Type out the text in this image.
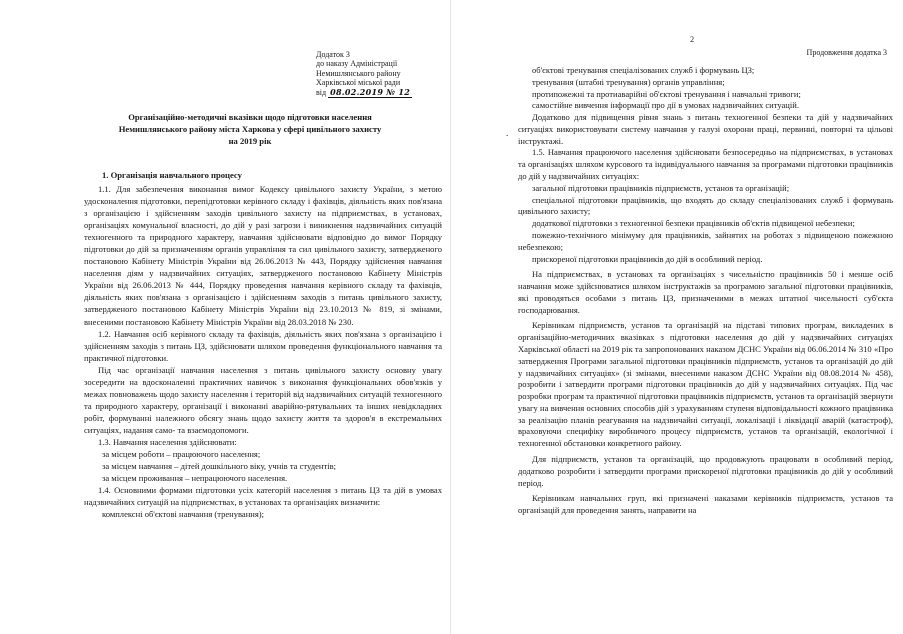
Додаток 3
до наказу Адміністрації
Немишлянського району
Харківської міської ради
від 08.02.2019 № 12
Організаційно-методичні вказівки щодо підготовки населення
Немишлянського району міста Харкова у сфері цивільного захисту
на 2019 рік
1. Організація навчального процесу

1.1. Для забезпечення виконання вимог Кодексу цивільного захисту України, з метою удосконалення підготовки, перепідготовки керівного складу і фахівців, діяльність яких пов'язана з організацією і здійсненням заходів цивільного захисту на підприємствах, в установах, організаціях комунальної власності, до дій у разі загрози і виникнення надзвичайних ситуацій техногенного та природного характеру, навчання здійснювати відповідно до вимог Порядку підготовки до дій за призначенням органів управління та сил цивільного захисту, затвердженого постановою Кабінету Міністрів України від 26.06.2013 № 443, Порядку здійснення навчання населення діям у надзвичайних ситуаціях, затвердженого постановою Кабінету Міністрів України від 26.06.2013 № 444, Порядку проведення навчання керівного складу та фахівців, діяльність яких пов'язана з організацією і здійсненням заходів з питань цивільного захисту, затвердженого постановою Кабінету Міністрів України від 23.10.2013 № 819, зі змінами, внесеними постановою Кабінету Міністрів України від 28.03.2018 № 230.

1.2. Навчання осіб керівного складу та фахівців, діяльність яких пов'язана з організацією і здійсненням заходів з питань ЦЗ, здійснювати шляхом проведення функціонального навчання та практичної підготовки.

Під час організації навчання населення з питань цивільного захисту основну увагу зосередити на вдосконаленні практичних навичок з виконання функціональних обов'язків у межах повноважень щодо захисту населення і територій від надзвичайних ситуацій техногенного та природного характеру, організації і виконанні аварійно-рятувальних та інших невідкладних робіт, формуванні належного обсягу знань щодо захисту життя та здоров'я в екстремальних ситуаціях, надання само- та взаємодопомоги.

1.3. Навчання населення здійснювати:

за місцем роботи – працюючого населення;

за місцем навчання – дітей дошкільного віку, учнів та студентів;

за місцем проживання – непрацюючого населення.

1.4. Основними формами підготовки усіх категорій населення з питань ЦЗ та дій в умовах надзвичайних ситуацій на підприємствах, в установах та організаціях визначити:

комплексні об'єктові навчання (тренування);

2
Продовження додатка 3
.

об'єктові тренування спеціалізованих служб і формувань ЦЗ;

тренування (штабні тренування) органів управління;

протипожежні та протиаварійні об'єктові тренування і навчальні тривоги;

самостійне вивчення інформації про дії в умовах надзвичайних ситуацій.

Додатково для підвищення рівня знань з питань техногенної безпеки та дій у надзвичайних ситуаціях використовувати систему навчання у галузі охорони праці, первинні, повторні та цільові інструктажі.

1.5. Навчання працюючого населення здійснювати безпосередньо на підприємствах, в установах та організаціях шляхом курсового та індивідуального навчання за програмами підготовки працівників до дій у надзвичайних ситуаціях:

загальної підготовки працівників підприємств, установ та організацій;

спеціальної підготовки працівників, що входять до складу спеціалізованих служб і формувань цивільного захисту;

додаткової підготовки з техногенної безпеки працівників об'єктів підвищеної небезпеки;

пожежно-технічного мінімуму для працівників, зайнятих на роботах з підвищеною пожежною небезпекою;

прискореної підготовки працівників до дій в особливий період.

На підприємствах, в установах та організаціях з чисельністю працівників 50 і менше осіб навчання може здійснюватися шляхом інструктажів за програмою загальної підготовки працівників, які проводяться особами з питань ЦЗ, призначеними в межах штатної чисельності суб'єкта господарювання.

Керівникам підприємств, установ та організацій на підставі типових програм, викладених в організаційно-методичних вказівках з підготовки населення до дій у надзвичайних ситуаціях Харківської області на 2019 рік та запропонованих наказом ДСНС України від 06.06.2014 № 310 «Про затвердження Програми загальної підготовки працівників підприємств, установ та організацій до дій у надзвичайних ситуаціях» (зі змінами, внесеними наказом ДСНС України від 08.08.2014 № 458), розробити і затвердити програми підготовки працівників до дій у надзвичайних ситуаціях. Під час розробки програм та практичної підготовки працівників підприємств, установ та організацій звернути увагу на вивчення основних способів дій з урахуванням ступеня відповідальності кожного працівника за реалізацію планів реагування на надзвичайні ситуації, локалізації і ліквідації аварій (катастроф), враховуючи специфіку виробничого процесу підприємств, установ та організацій, екологічної і техногенної обстановки конкретного району.

Для підприємств, установ та організацій, що продовжують працювати в особливий період, додатково розробити і затвердити програми прискореної підготовки працівників до дій у особливий період.

Керівникам навчальних груп, які призначені наказами керівників підприємств, установ та організацій для проведення занять, направити на
